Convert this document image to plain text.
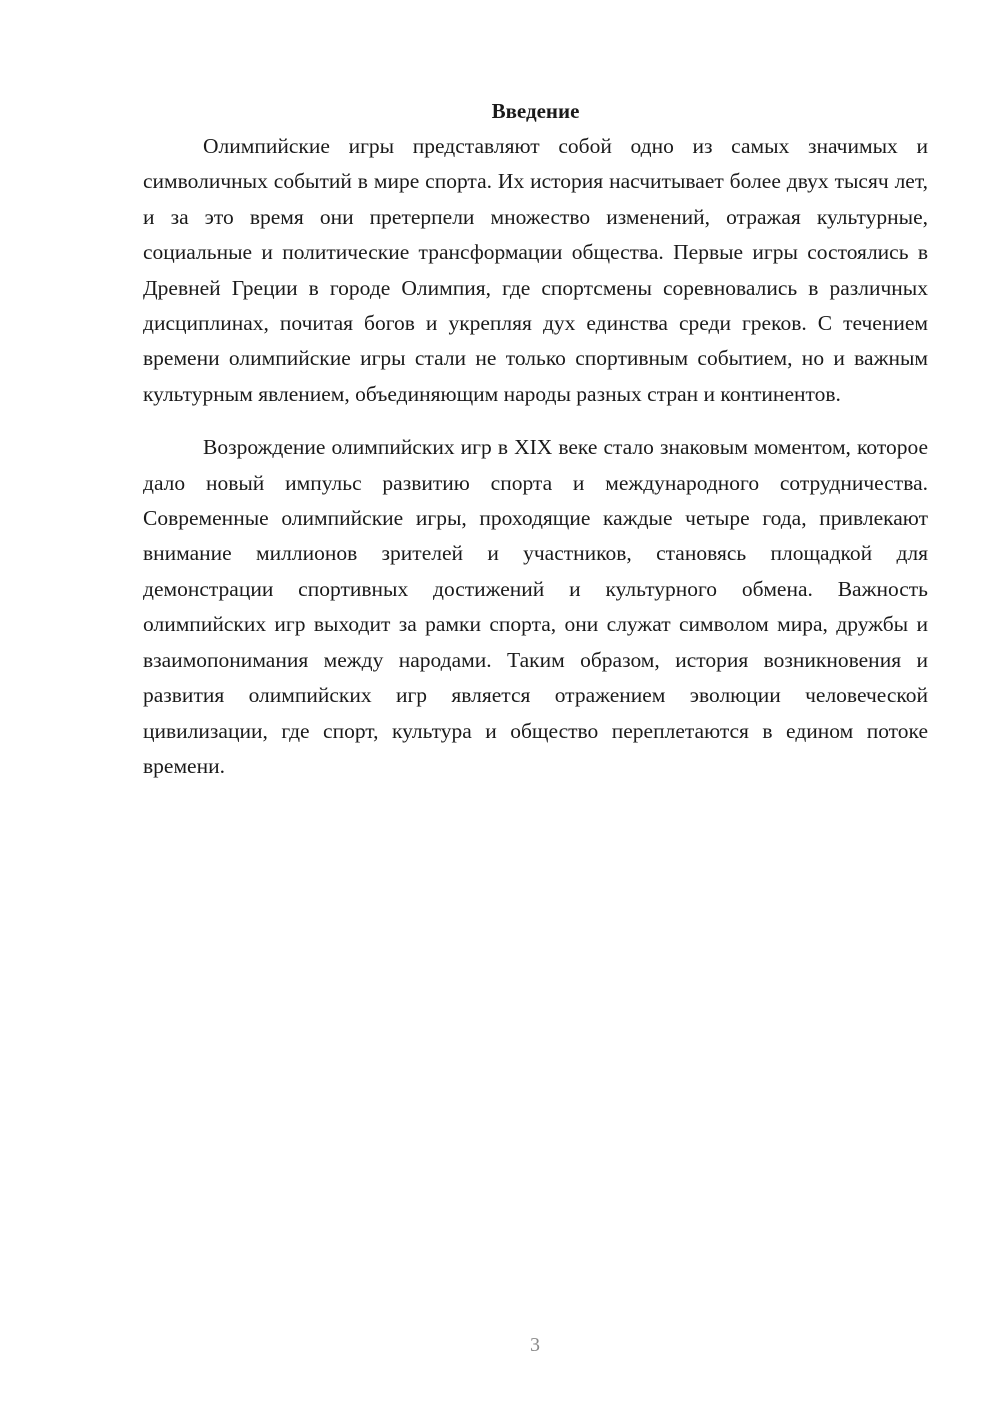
Введение

Олимпийские игры представляют собой одно из самых значимых и символичных событий в мире спорта. Их история насчитывает более двух тысяч лет, и за это время они претерпели множество изменений, отражая культурные, социальные и политические трансформации общества. Первые игры состоялись в Древней Греции в городе Олимпия, где спортсмены соревновались в различных дисциплинах, почитая богов и укрепляя дух единства среди греков. С течением времени олимпийские игры стали не только спортивным событием, но и важным культурным явлением, объединяющим народы разных стран и континентов.

Возрождение олимпийских игр в XIX веке стало знаковым моментом, которое дало новый импульс развитию спорта и международного сотрудничества. Современные олимпийские игры, проходящие каждые четыре года, привлекают внимание миллионов зрителей и участников, становясь площадкой для демонстрации спортивных достижений и культурного обмена. Важность олимпийских игр выходит за рамки спорта, они служат символом мира, дружбы и взаимопонимания между народами. Таким образом, история возникновения и развития олимпийских игр является отражением эволюции человеческой цивилизации, где спорт, культура и общество переплетаются в едином потоке времени.

3
